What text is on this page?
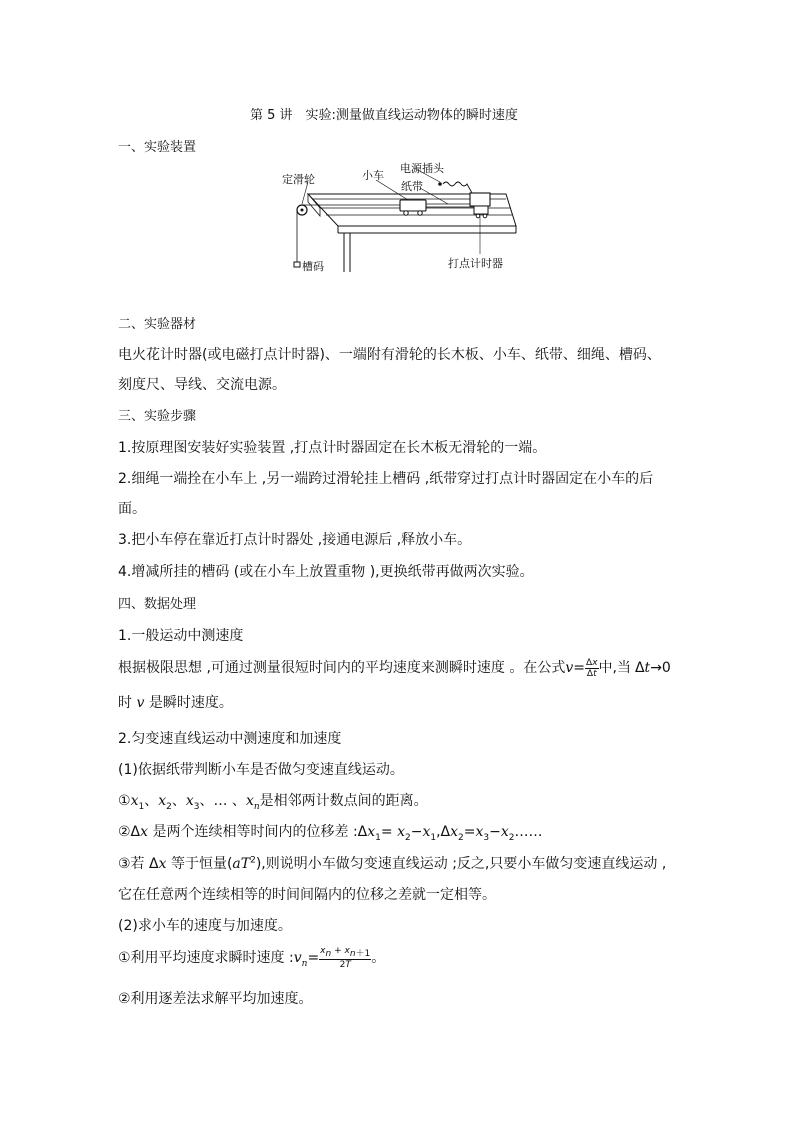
第 5 讲　实验:测量做直线运动物体的瞬时速度
一、实验装置
定滑轮	小车
电源插头
纸带
槽码	打点计时器
二、实验器材
电火花计时器(或电磁打点计时器)、一端附有滑轮的长木板、小车、纸带、细绳、槽码、
刻度尺、导线、交流电源。
三、实验步骤
1.按原理图安装好实验装置 ,打点计时器固定在长木板无滑轮的一端。
2.细绳一端拴在小车上 ,另一端跨过滑轮挂上槽码 ,纸带穿过打点计时器固定在小车的后
面。
3.把小车停在靠近打点计时器处 ,接通电源后 ,释放小车。
4.增减所挂的槽码 (或在小车上放置重物 ),更换纸带再做两次实验。
四、数据处理
1.一般运动中测速度
根据极限思想 ,可通过测量很短时间内的平均速度来测瞬时速度 。在公式$v= \frac{\Delta x}{\Delta t}$ 中,当 Δt→0
时 v 是瞬时速度。
2.匀变速直线运动中测速度和加速度
(1)依据纸带判断小车是否做匀变速直线运动。
$①x_1$、$x_2$、$x_3$、… 、$x_n$是相邻两计数点间的距离。
②Δx 是两个连续相等时间内的位移差 $:\Delta x_1=$ $x_2-x_1,\Delta x_2=x_3-x_2\dots\dots$
③若 Δx 等于恒量$(aT^2)$,则说明小车做匀变速直线运动 ;反之,只要小车做匀变速直线运动 ,
它在任意两个连续相等的时间间隔内的位移之差就一定相等。
(2)求小车的速度与加速度。
①利用平均速度求瞬时速度 $:v_n= \frac{x_n + x_{n+1}}{2T}$ 。
②利用逐差法求解平均加速度。
